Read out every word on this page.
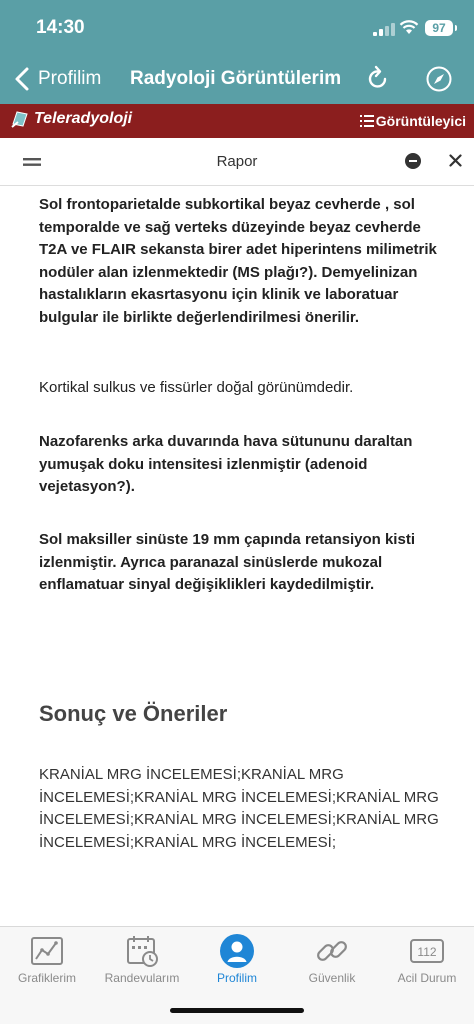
14:30	97
Profilim Radyoloji Görüntülerim
Teleradyoloji	Görüntüleyici
Rapor
Sol frontoparietalde subkortikal beyaz cevherde , sol temporalde ve sağ verteks düzeyinde beyaz cevherde T2A ve FLAIR sekansta birer adet hiperintens milimetrik nodüler alan izlenmektedir (MS plağı?). Demyelinizan hastalıkların ekasrtasyonu için klinik ve laboratuar bulgular ile birlikte değerlendirilmesi önerilir.
Kortikal sulkus ve fissürler doğal görünümdedir.
Nazofarenks arka duvarında hava sütununu daraltan yumuşak doku intensitesi izlenmiştir (adenoid vejetasyon?).
Sol maksiller sinüste 19 mm çapında retansiyon kisti izlenmiştir. Ayrıca paranazal sinüslerde mukozal enflamatuar sinyal değişiklikleri kaydedilmiştir.
Sonuç ve Öneriler
KRANİAL MRG İNCELEMESİ;KRANİAL MRG İNCELEMESİ;KRANİAL MRG İNCELEMESİ;KRANİAL MRG İNCELEMESİ;KRANİAL MRG İNCELEMESİ;KRANİAL MRG İNCELEMESİ;KRANİAL MRG İNCELEMESİ;
Grafiklerim	Randevularım	Profilim	Güvenlik
112
Acil Durum
